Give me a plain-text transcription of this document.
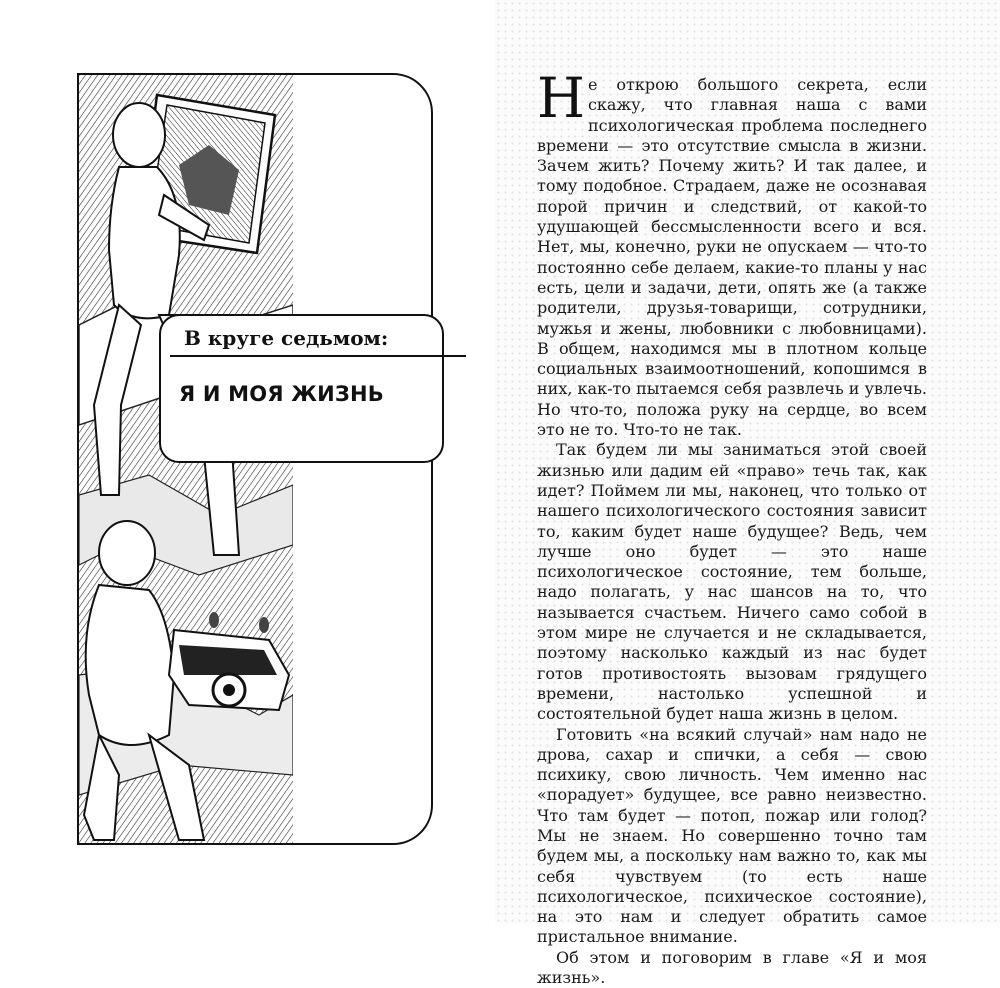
В круге седьмом:
Я И МОЯ ЖИЗНЬ

Не открою большого секрета, если скажу, что главная наша с вами психологическая проблема последнего времени — это отсутствие смысла в жизни. Зачем жить? Почему жить? И так далее, и тому подобное. Страдаем, даже не осознавая порой причин и следствий, от какой-то удушающей бессмысленности всего и вся. Нет, мы, конечно, руки не опускаем — что-то постоянно себе делаем, какие-то планы у нас есть, цели и задачи, дети, опять же (а также родители, друзья-товарищи, сотрудники, мужья и жены, любовники с любовницами). В общем, находимся мы в плотном кольце социальных взаимоотношений, копошимся в них, как-то пытаемся себя развлечь и увлечь. Но что-то, положа руку на сердце, во всем это не то. Что-то не так.

Так будем ли мы заниматься этой своей жизнью или дадим ей «право» течь так, как идет? Поймем ли мы, наконец, что только от нашего психологического состояния зависит то, каким будет наше будущее? Ведь, чем лучше оно будет — это наше психологическое состояние, тем больше, надо полагать, у нас шансов на то, что называется счастьем. Ничего само собой в этом мире не случается и не складывается, поэтому насколько каждый из нас будет готов противостоять вызовам грядущего времени, настолько успешной и состоятельной будет наша жизнь в целом.

Готовить «на всякий случай» нам надо не дрова, сахар и спички, а себя — свою психику, свою личность. Чем именно нас «порадует» будущее, все равно неизвестно. Что там будет — потоп, пожар или голод? Мы не знаем. Но совершенно точно там будем мы, а поскольку нам важно то, как мы себя чувствуем (то есть наше психологическое, психическое состояние), на это нам и следует обратить самое пристальное внимание.

Об этом и поговорим в главе «Я и моя жизнь».
